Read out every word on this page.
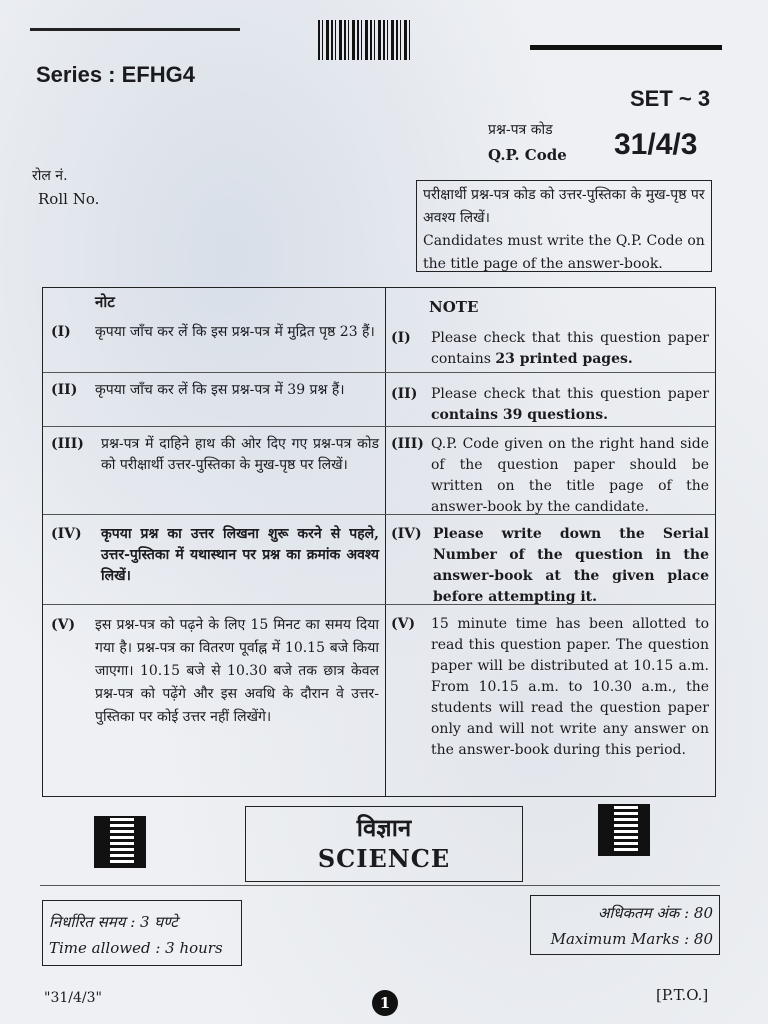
Series : EFHG4
SET ~ 3
प्रश्न-पत्र कोड
Q.P. Code 31/4/3
रोल नं.
Roll No.	परीक्षार्थी प्रश्न-पत्र कोड को उत्तर-पुस्तिका के मुख-पृष्ठ पर अवश्य लिखें।
Candidates must write the Q.P. Code on the title page of the answer-book.
नोट	NOTE
(I)	कृपया जाँच कर लें कि इस प्रश्न-पत्र में मुद्रित पृष्ठ 23 हैं। (I)	Please check that this question paper contains 23 printed pages.
(II)	कृपया जाँच कर लें कि इस प्रश्न-पत्र में 39 प्रश्न हैं।	(II) Please check that this question paper contains 39 questions.
(III)	प्रश्न-पत्र में दाहिने हाथ की ओर दिए गए प्रश्न-पत्र कोड को परीक्षार्थी उत्तर-पुस्तिका के मुख-पृष्ठ पर लिखें।
(III) Q.P. Code given on the right hand side of the question paper should be written on the title page of the answer-book by the candidate.
(IV)	कृपया प्रश्न का उत्तर लिखना शुरू करने से पहले, उत्तर-पुस्तिका में यथास्थान पर प्रश्न का क्रमांक अवश्य लिखें।
(IV) Please write down the Serial Number of the question in the answer-book at the given place before attempting it.
(V)	इस प्रश्न-पत्र को पढ़ने के लिए 15 मिनट का समय दिया गया है। प्रश्न-पत्र का वितरण पूर्वाह्न में 10.15 बजे किया जाएगा। 10.15 बजे से 10.30 बजे तक छात्र केवल प्रश्न-पत्र को पढ़ेंगे और इस अवधि के दौरान वे उत्तर-पुस्तिका पर कोई उत्तर नहीं लिखेंगे।
(V)	15 minute time has been allotted to read this question paper. The question paper will be distributed at 10.15 a.m. From 10.15 a.m. to 10.30 a.m., the students will read the question paper only and will not write any answer on the answer-book during this period.
विज्ञान
SCIENCE
निर्धारित समय : 3 घण्टे
Time allowed : 3 hours
अधिकतम अंक : 80
Maximum Marks : 80
"31/4/3"	1	[P.T.O.]
